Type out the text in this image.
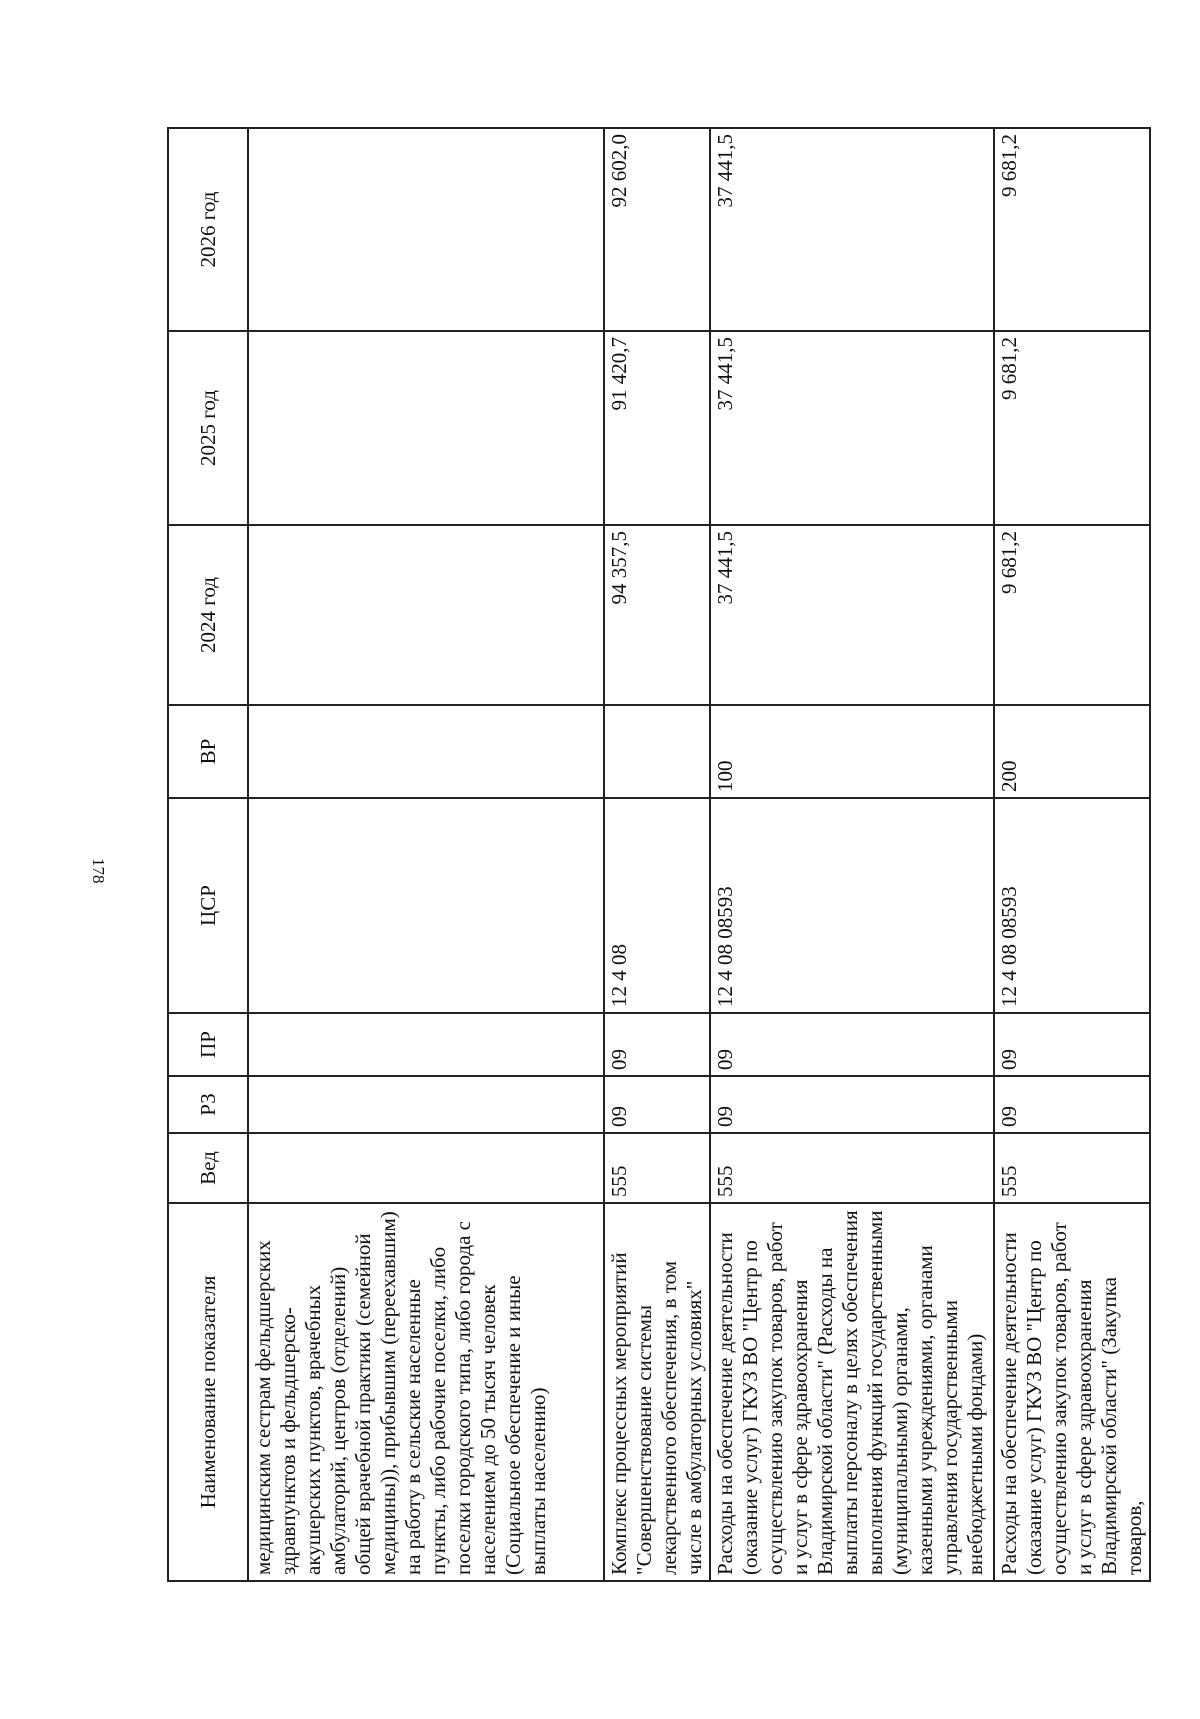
178
Наименование показателя	Вед	РЗ	ПР	ЦСР	ВР	2024 год	2025 год	2026 год
медицинским сестрам фельдшерских здравпунктов и фельдшерско-акушерских пунктов, врачебных амбулаторий, центров (отделений) общей врачебной практики (семейной медицины)), прибывшим (переехавшим) на работу в сельские населенные пункты, либо рабочие поселки, либо поселки городского типа, либо города с населением до 50 тысяч человек (Социальное обеспечение и иные выплаты населению)								
Комплекс процессных мероприятий "Совершенствование системы лекарственного обеспечения, в том числе в амбулаторных условиях"	555	09	09	12 4 08		94 357,5	91 420,7	92 602,0
Расходы на обеспечение деятельности (оказание услуг) ГКУЗ ВО "Центр по осуществлению закупок товаров, работ и услуг в сфере здравоохранения Владимирской области" (Расходы на выплаты персоналу в целях обеспечения выполнения функций государственными (муниципальными) органами, казенными учреждениями, органами управления государственными внебюджетными фондами)	555	09	09	12 4 08 08593	100	37 441,5	37 441,5	37 441,5
Расходы на обеспечение деятельности (оказание услуг) ГКУЗ ВО "Центр по осуществлению закупок товаров, работ и услуг в сфере здравоохранения Владимирской области" (Закупка товаров,	555	09	09	12 4 08 08593	200	9 681,2	9 681,2	9 681,2
